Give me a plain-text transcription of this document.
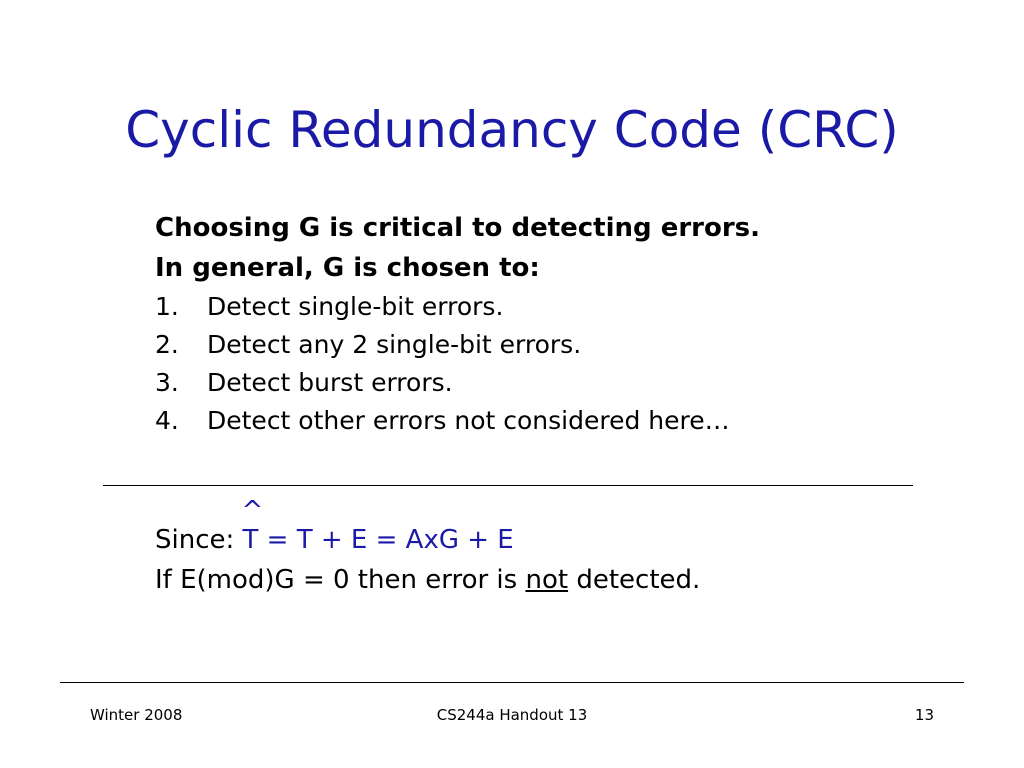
Cyclic Redundancy Code (CRC)
Choosing G is critical to detecting errors.
In general, G is chosen to:
1.	Detect single-bit errors.
2.	Detect any 2 single-bit errors.
3.	Detect burst errors.
4.	Detect other errors not considered here…
Since:
^
T = T + E = AxG + E
If E(mod)G = 0 then error is not detected.
Winter 2008	CS244a Handout 13	13
